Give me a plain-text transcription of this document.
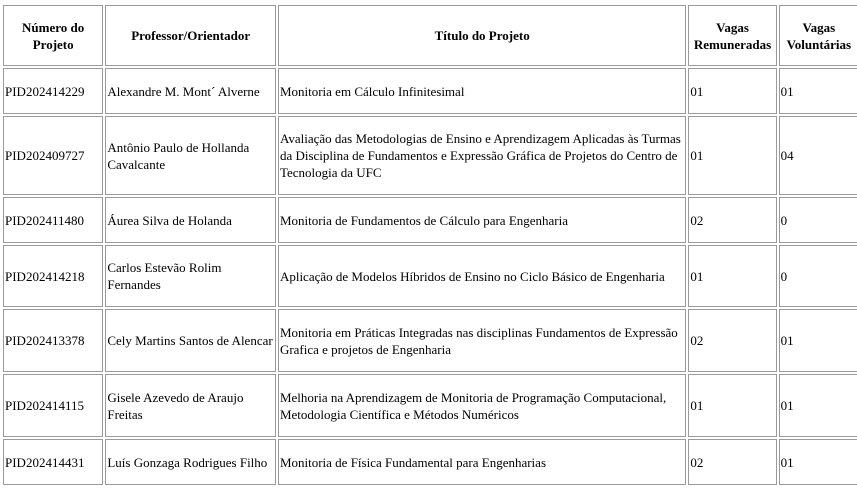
Número do Projeto	Professor/Orientador	Título do Projeto	Vagas Remuneradas	Vagas Voluntárias
PID202414229	Alexandre M. Mont´ Alverne	Monitoria em Cálculo Infinitesimal	01	01
PID202409727	Antônio Paulo de Hollanda Cavalcante	Avaliação das Metodologias de Ensino e Aprendizagem Aplicadas às Turmas da Disciplina de Fundamentos e Expressão Gráfica de Projetos do Centro de Tecnologia da UFC	01	04
PID202411480	Áurea Silva de Holanda	Monitoria de Fundamentos de Cálculo para Engenharia	02	0
PID202414218	Carlos Estevão Rolim Fernandes	Aplicação de Modelos Híbridos de Ensino no Ciclo Básico de Engenharia	01	0
PID202413378	Cely Martins Santos de Alencar	Monitoria em Práticas Integradas nas disciplinas Fundamentos de Expressão Grafica e projetos de Engenharia	02	01
PID202414115	Gisele Azevedo de Araujo Freitas	Melhoria na Aprendizagem de Monitoria de Programação Computacional, Metodologia Científica e Métodos Numéricos	01	01
PID202414431	Luís Gonzaga Rodrigues Filho	Monitoria de Física Fundamental para Engenharias	02	01
